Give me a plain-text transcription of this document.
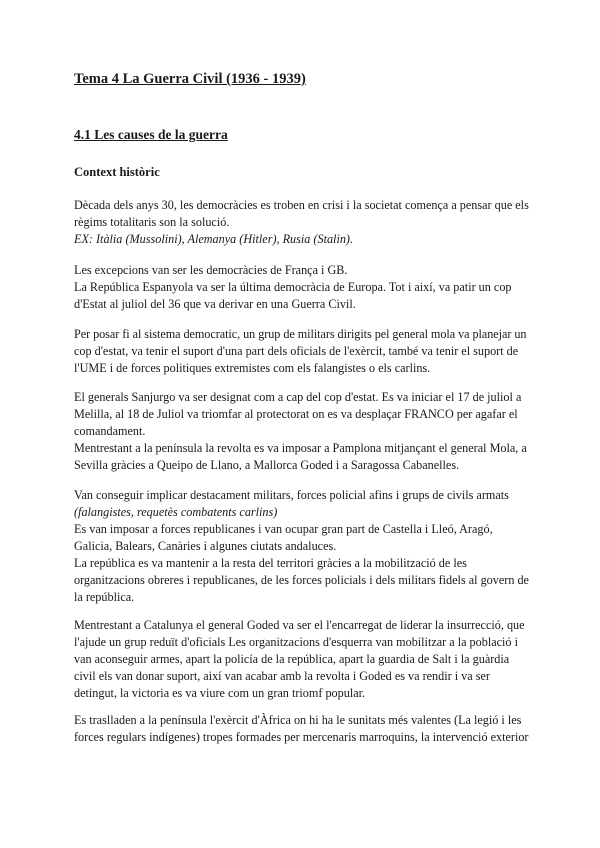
Tema 4 La Guerra Civil (1936 - 1939)
4.1 Les causes de la guerra
Context històric
Dècada dels anys 30, les democràcies es troben en crisi i la societat comença a pensar que els
règims totalitaris son la solució.
EX: Itàlia (Mussolini), Alemanya (Hitler), Rusia (Stalin).
Les excepcions van ser les democràcies de França i GB.
La República Espanyola va ser la última democràcia de Europa. Tot i així, va patir un cop
d'Estat al juliol del 36 que va derivar en una Guerra Civil.
Per posar fi al sistema democratic, un grup de militars dirigits pel general mola va planejar un
cop d'estat, va tenir el suport d'una part dels oficials de l'exèrcit, també va tenir el suport de
l'UME i de forces politiques extremistes com els falangistes o els carlins.
El generals Sanjurgo va ser designat com a cap del cop d'estat. Es va iniciar el 17 de juliol a
Melilla, al 18 de Juliol va triomfar al protectorat on es va desplaçar FRANCO per agafar el
comandament.
Mentrestant a la península la revolta es va imposar a Pamplona mitjançant el general Mola, a
Sevilla gràcies a Queipo de Llano, a Mallorca Goded i a Saragossa Cabanelles.
Van conseguir implicar destacament militars, forces policial afins i grups de civils armats
(falangistes, requetès combatents carlins)
Es van imposar a forces republicanes i van ocupar gran part de Castella i Lleó, Aragó,
Galicia, Balears, Canàries i algunes ciutats andaluces.
La república es va mantenir a la resta del territori gràcies a la mobilització de les
organitzacions obreres i republicanes, de les forces policials i dels militars fidels al govern de
la república.
Mentrestant a Catalunya el general Goded va ser el l'encarregat de liderar la insurrecció, que
l'ajude un grup reduït d'oficials Les organitzacions d'esquerra van mobilitzar a la població i
van aconseguir armes, apart la policía de la república, apart la guardia de Salt i la guàrdia
civil els van donar suport, així van acabar amb la revolta i Goded es va rendir i va ser
detingut, la victoria es va viure com un gran triomf popular.
Es traslladen a la península l'exèrcit d'Àfrica on hi ha le sunitats més valentes (La legió i les
forces regulars indígenes) tropes formades per mercenaris marroquins, la intervenció exterior
